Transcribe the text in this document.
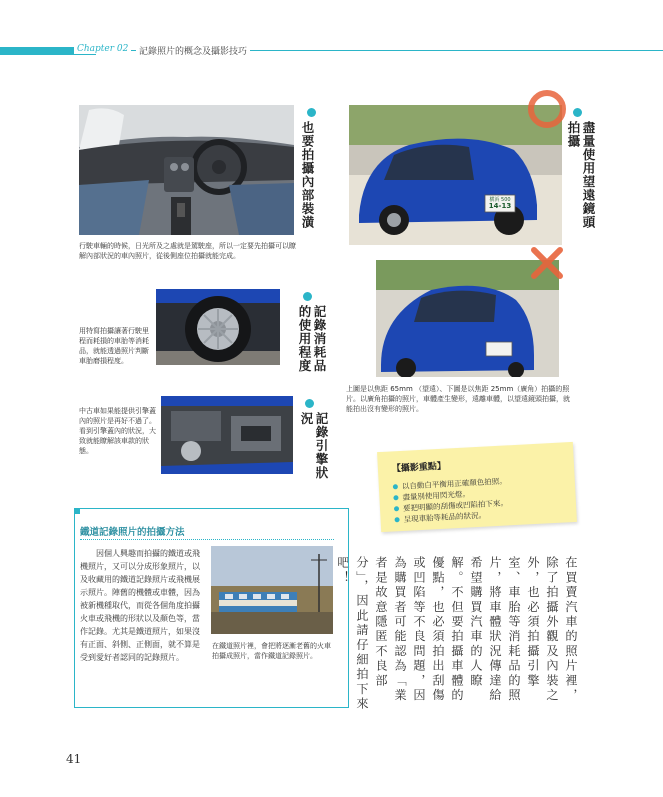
Chapter 02	記錄照片的概念及攝影技巧
也要拍攝內部裝潢
行駛車輛的時候，日光所及之處就是駕駛座，所以一定要先拍攝可以瞭解內部狀況的車內照片，從後側座位拍攝就能完成。
記錄消耗品的使用程度
用特寫拍攝讓著行駛里程而耗損的車胎等消耗品，就能透過照片判斷車胎磨損程度。
記錄引擎狀況
中古車如果能提供引擎蓋內的照片是再好不過了。看到引擎蓋內的狀況，大致就能瞭解該車款的狀態。
横浜 500
14-13	盡量使用望遠鏡頭拍攝
上圖是以焦距 65mm （望遠）、下圖是以焦距 25mm（廣角）拍攝的照片。以廣角拍攝的照片，車體產生變形，遠離車體，以望遠鏡頭拍攝，就能拍出沒有變形的照片。
【攝影重點】
以自動白平衡用正確顏色拍照。
盡量別使用閃光燈。
要把明顯的刮傷或凹陷拍下來。
呈現車胎等耗品的狀況。
在買賣汽車的照片裡，除了拍攝外觀及內裝之外，也必須拍攝引擎室、車胎等消耗品的照片，將車體狀況傳達給希望購買汽車的人瞭解。不但要拍攝車體的優點，也必須拍出刮傷或凹陷等不良問題，因為購買者可能認為「業者是故意隱匿不良部分」，因此請仔細拍下來吧！
鐵道記錄照片的拍攝方法
因個人興趣而拍攝的鐵道或飛機照片，又可以分成形象照片，以及收藏用的鐵道記錄照片或飛機展示照片。陣舊的機體或車體，因為被新機種取代，而從各個角度拍攝火車或飛機的形狀以及顏色等，當作記錄。尤其是鐵道照片，如果沒有正面、斜側、正側面，就不算是受到愛好者認同的記錄照片。
在鐵道照片裡，會把將逐漸老舊的火車拍攝成照片，當作鐵道記錄照片。
41
